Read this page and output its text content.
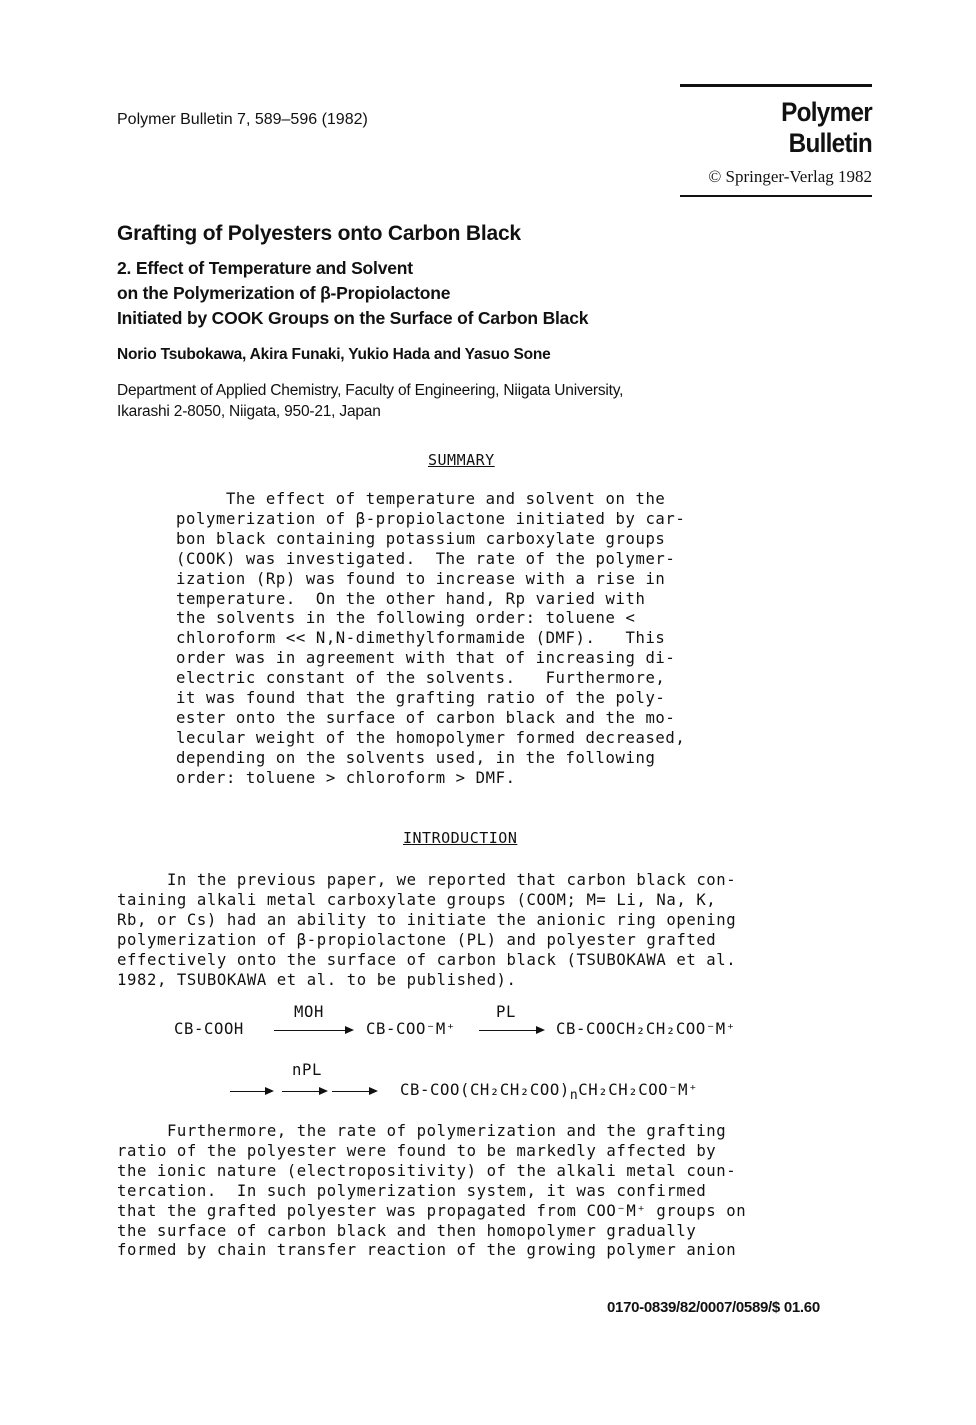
Polymer Bulletin 7, 589–596 (1982)	Polymer Bulletin
© Springer-Verlag 1982
Grafting of Polyesters onto Carbon Black
2. Effect of Temperature and Solvent
on the Polymerization of β-Propiolactone
Initiated by COOK Groups on the Surface of Carbon Black
Norio Tsubokawa, Akira Funaki, Yukio Hada and Yasuo Sone
Department of Applied Chemistry, Faculty of Engineering, Niigata University,
Ikarashi 2-8050, Niigata, 950-21, Japan
SUMMARY
The effect of temperature and solvent on the
polymerization of β-propiolactone initiated by car-
bon black containing potassium carboxylate groups
(COOK) was investigated.  The rate of the polymer-
ization (Rp) was found to increase with a rise in
temperature.  On the other hand, Rp varied with
the solvents in the following order: toluene <
chloroform << N,N-dimethylformamide (DMF).   This
order was in agreement with that of increasing di-
electric constant of the solvents.   Furthermore,
it was found that the grafting ratio of the poly-
ester onto the surface of carbon black and the mo-
lecular weight of the homopolymer formed decreased,
depending on the solvents used, in the following
order: toluene > chloroform > DMF.
INTRODUCTION
In the previous paper, we reported that carbon black con-
taining alkali metal carboxylate groups (COOM; M= Li, Na, K,
Rb, or Cs) had an ability to initiate the anionic ring opening
polymerization of β-propiolactone (PL) and polyester grafted
effectively onto the surface of carbon black (TSUBOKAWA et al.
1982, TSUBOKAWA et al. to be published).
MOH	PL
CB-COOH	CB-COO⁻M⁺ → CB-COOCH₂CH₂COO⁻M⁺
nPL
$CB-COO(CH_2CH_2COO)_nCH_2CH_2COO^-M^+$
Furthermore, the rate of polymerization and the grafting
ratio of the polyester were found to be markedly affected by
the ionic nature (electropositivity) of the alkali metal coun-
tercation.  In such polymerization system, it was confirmed
that the grafted polyester was propagated from COO⁻M⁺ groups on
the surface of carbon black and then homopolymer gradually
formed by chain transfer reaction of the growing polymer anion
0170-0839/82/0007/0589/$ 01.60
